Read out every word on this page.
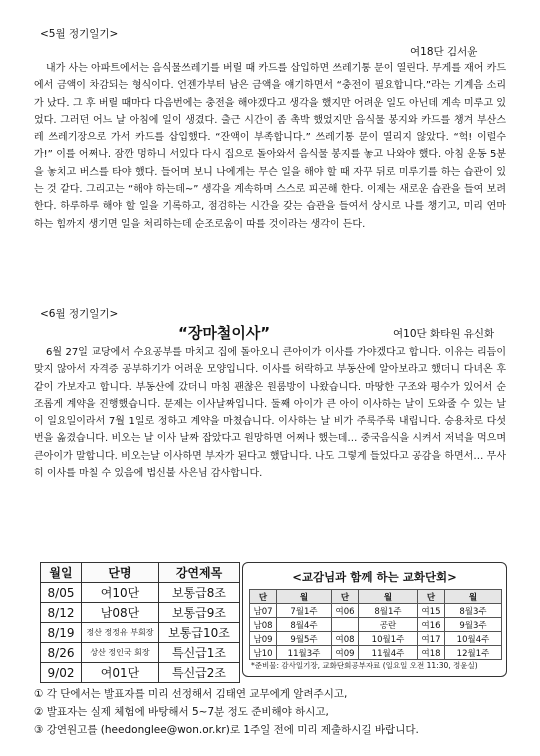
<5월 정기일기>
여18단 김서윤

내가 사는 아파트에서는 음식물쓰레기를 버릴 때 카드를 삽입하면 쓰레기통 문이 열린다. 무게를 재어 카드에서 금액이 차감되는 형식이다. 언젠가부터 남은 금액을 얘기하면서 “충전이 필요합니다.”라는 기계음 소리가 났다. 그 후 버릴 때마다 다음번에는 충전을 해야겠다고 생각을 했지만 어려운 일도 아닌데 계속 미루고 있었다. 그러던 어느 날 아침에 일이 생겼다. 출근 시간이 좀 촉박 했었지만 음식물 봉지와 카드를 챙겨 부산스레 쓰레기장으로 가서 카드를 삽입했다. “잔액이 부족합니다.” 쓰레기통 문이 열리지 않았다. “헉! 이럴수가!” 이를 어쩌나. 잠깐 멍하니 서있다 다시 집으로 돌아와서 음식물 봉지를 놓고 나와야 했다. 아침 운동 5분을 놓치고 버스를 타야 했다. 들어며 보니 나에게는 무슨 일을 해야 할 때 자꾸 뒤로 미루기를 하는 습관이 있는 것 같다. 그리고는 “해야 하는데~” 생각을 계속하며 스스로 피곤해 한다. 이제는 새로운 습관을 들여 보려 한다. 하루하루 해야 할 일을 기록하고, 점검하는 시간을 갖는 습관을 들여서 상시로 나를 챙기고, 미리 연마하는 힘까지 생기면 일을 처리하는데 순조로움이 따를 것이라는 생각이 든다.

<6월 정기일기>
“장마철이사”	여10단 화타원 유신화

6월 27일 교당에서 수요공부를 마치고 집에 돌아오니 큰아이가 이사를 가야겠다고 합니다. 이유는 리듬이 맞지 않아서 자격증 공부하기가 어려운 모양입니다. 이사를 허락하고 부동산에 알아보라고 했더니 다녀온 후 같이 가보자고 합니다. 부동산에 갔더니 마침 괜찮은 원룸방이 나왔습니다. 마땅한 구조와 평수가 있어서 순조롭게 계약을 진행했습니다. 문제는 이사날짜입니다. 둘째 아이가 큰 아이 이사하는 날이 도와줄 수 있는 날이 일요일이라서 7월 1일로 정하고 계약을 마쳤습니다. 이사하는 날 비가 주룩주룩 내립니다. 승용차로 다섯 번을 옮겼습니다. 비오는 날 이사 날짜 잡았다고 원망하면 어쩌나 했는데… 중국음식을 시켜서 저녁을 먹으며 큰아이가 말합니다. 비오는날 이사하면 부자가 된다고 했답니다. 나도 그렇게 들었다고 공감을 하면서… 무사히 이사를 마칠 수 있음에 법신불 사은님 감사합니다.

월일	단명	강연제목
8/05	여10단	보통급8조
8/12	남08단	보통급9조
8/19	정산 정정유 부회장	보통급10조
8/26	상산 정인국 회장	특신급1조
9/02	여01단	특신급2조
<교감님과 함께 하는 교화단회>
단	월	단	월	단	월
남07	7월1주	여06	8월1주	여15	8월3주
남08	8월4주		공란	여16	9월3주
남09	9월5주	여08	10월1주	여17	10월4주
남10	11월3주	여09	11월4주	여18	12월1주
*준비물: 감사일기장, 교화단회공부자료 (일요일 오전 11:30, 정윤실)
① 각 단에서는 발표자를 미리 선정해서 김태연 교무에게 알려주시고,
② 발표자는 실제 체험에 바탕해서 5~7분 정도 준비해야 하시고,
③ 강연원고를 (heedonglee@won.or.kr)로 1주일 전에 미리 제출하시길 바랍니다.
